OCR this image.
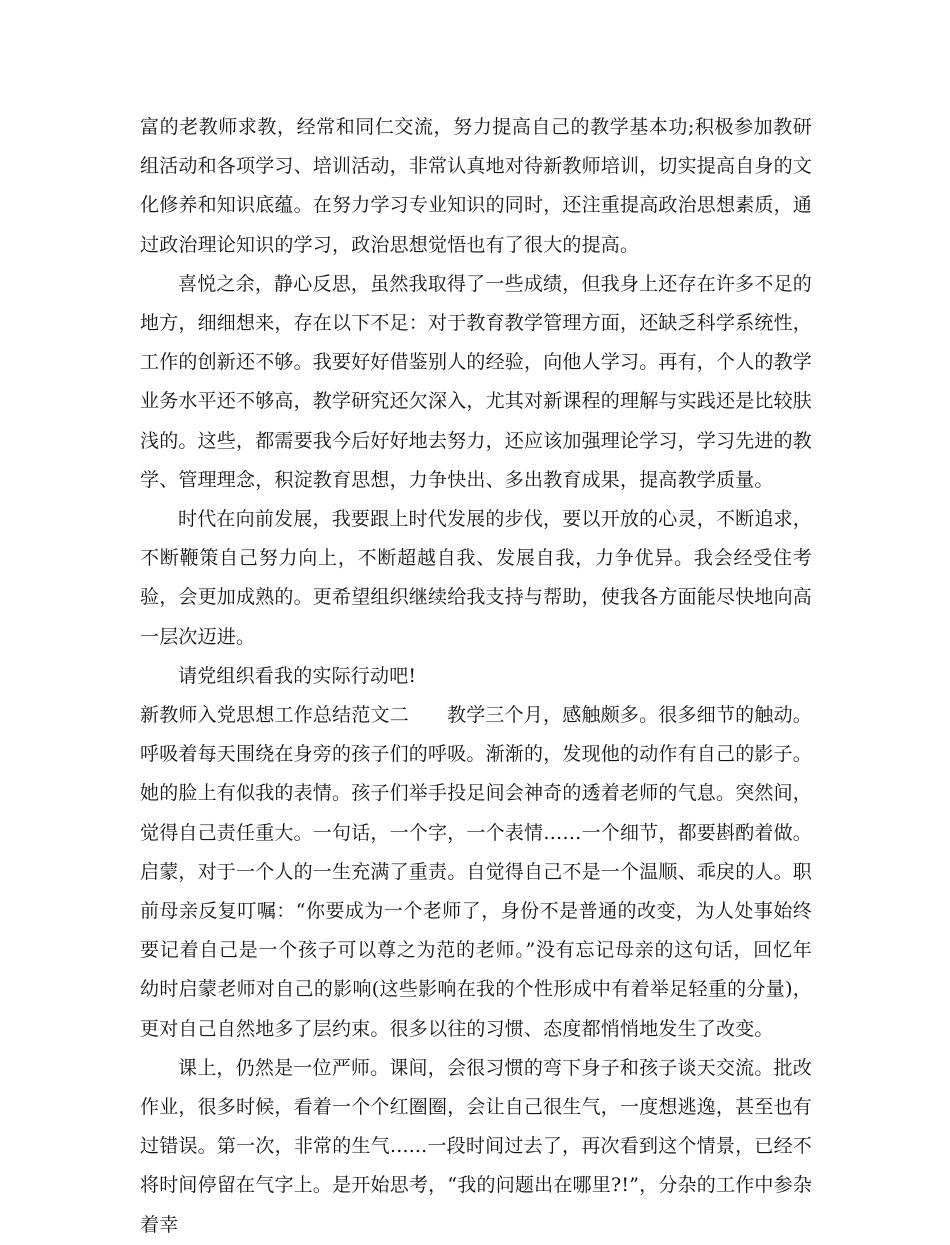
富的老教师求教，经常和同仁交流，努力提高自己的教学基本功;积极参加教研组活动和各项学习、培训活动，非常认真地对待新教师培训，切实提高自身的文化修养和知识底蕴。在努力学习专业知识的同时，还注重提高政治思想素质，通过政治理论知识的学习，政治思想觉悟也有了很大的提高。

喜悦之余，静心反思，虽然我取得了一些成绩，但我身上还存在许多不足的地方，细细想来，存在以下不足：对于教育教学管理方面，还缺乏科学系统性，工作的创新还不够。我要好好借鉴别人的经验，向他人学习。再有，个人的教学业务水平还不够高，教学研究还欠深入，尤其对新课程的理解与实践还是比较肤浅的。这些，都需要我今后好好地去努力，还应该加强理论学习，学习先进的教学、管理理念，积淀教育思想，力争快出、多出教育成果，提高教学质量。

时代在向前发展，我要跟上时代发展的步伐，要以开放的心灵，不断追求，不断鞭策自己努力向上，不断超越自我、发展自我，力争优异。我会经受住考验，会更加成熟的。更希望组织继续给我支持与帮助，使我各方面能尽快地向高一层次迈进。

请党组织看我的实际行动吧!

新教师入党思想工作总结范文二 教学三个月，感触颇多。很多细节的触动。呼吸着每天围绕在身旁的孩子们的呼吸。渐渐的，发现他的动作有自己的影子。她的脸上有似我的表情。孩子们举手投足间会神奇的透着老师的气息。突然间，觉得自己责任重大。一句话，一个字，一个表情……一个细节，都要斟酌着做。启蒙，对于一个人的一生充满了重责。自觉得自己不是一个温顺、乖戾的人。职前母亲反复叮嘱：“你要成为一个老师了，身份不是普通的改变，为人处事始终要记着自己是一个孩子可以尊之为范的老师。”没有忘记母亲的这句话，回忆年幼时启蒙老师对自己的影响(这些影响在我的个性形成中有着举足轻重的分量)，更对自己自然地多了层约束。很多以往的习惯、态度都悄悄地发生了改变。

课上，仍然是一位严师。课间，会很习惯的弯下身子和孩子谈天交流。批改作业，很多时候，看着一个个红圈圈，会让自己很生气，一度想逃逸，甚至也有过错误。第一次，非常的生气......一段时间过去了，再次看到这个情景，已经不将时间停留在气字上。是开始思考，“我的问题出在哪里?!”，分杂的工作中参杂着幸
